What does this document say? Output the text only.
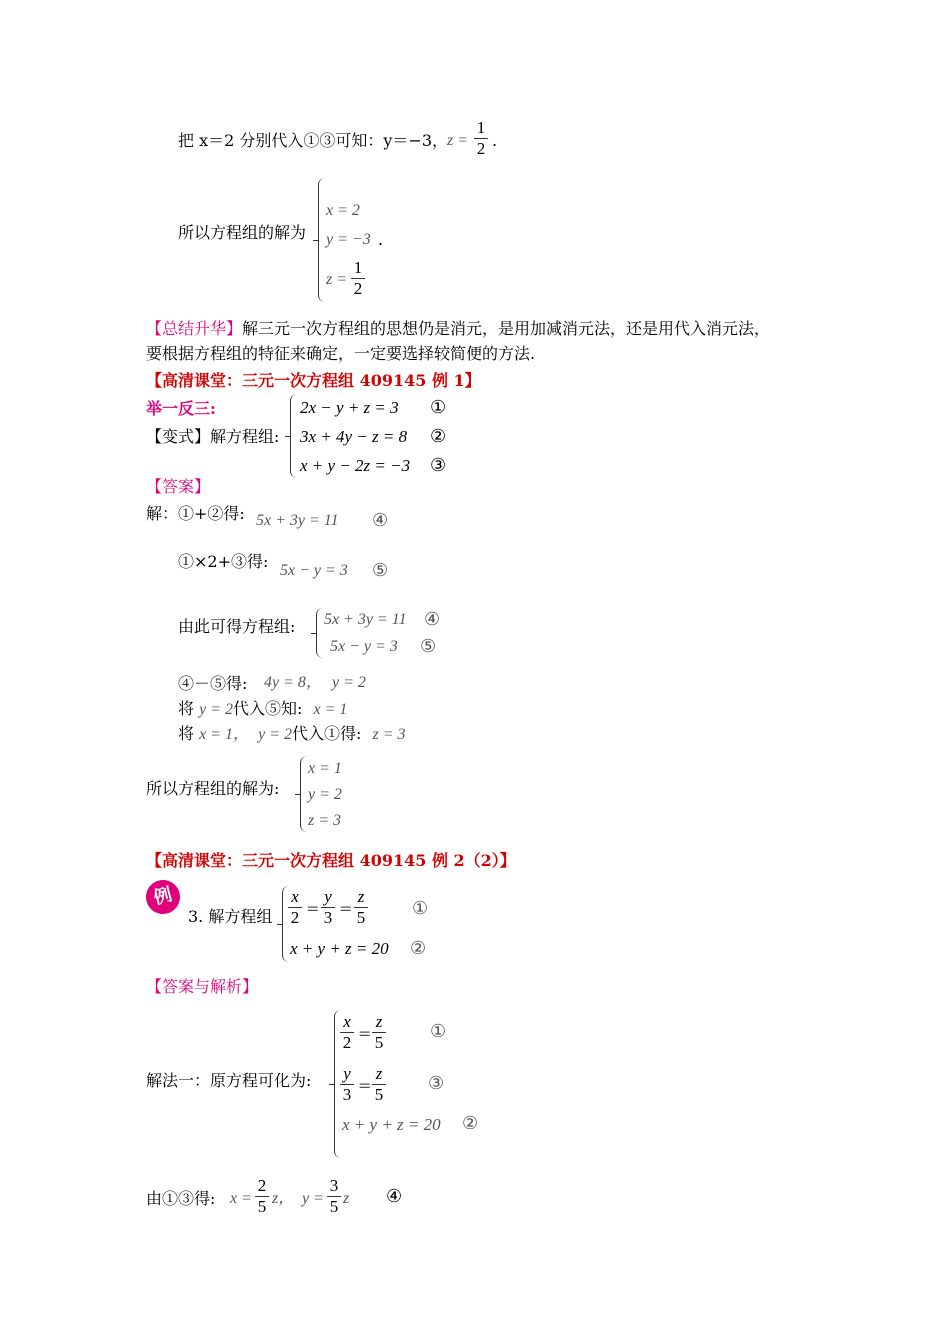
把 x＝2 分别代入①③可知：y＝−3，
z =
1
2 .
所以方程组的解为
x = 2
y = −3 .
z =
1
2
【总结升华】解三元一次方程组的思想仍是消元，是用加减消元法，还是用代入消元法，
要根据方程组的特征来确定，一定要选择较简便的方法.
【高清课堂：三元一次方程组 409145 例 1】
举一反三:
【变式】解方程组:
2x − y + z = 3
3x + 4y − z = 8
x + y − 2z = −3
①
②
③
【答案】
解：①+②得: 5x + 3y = 11 ④
①×2+③得: 5x − y = 3 ⑤
由此可得方程组: 5x + 3y = 11
5x − y = 3
④
⑤
④－⑤得: 4y = 8， y = 2
将 y = 2代入⑤知: x = 1
将 x = 1， y = 2代入①得: z = 3
所以方程组的解为:
x = 1
y = 2
z = 3
【高清课堂：三元一次方程组 409145 例 2（2）】
例
3. 解方程组
x
2 =
y
3 =
z
5	①
x + y + z = 20 ②
【答案与解析】
解法一：原方程可化为:
x
2 =
z
5
①
y
3 =
z
5
③
x + y + z = 20 ②
由①③得: x =
2
5 z， y =
3
5 z ④
